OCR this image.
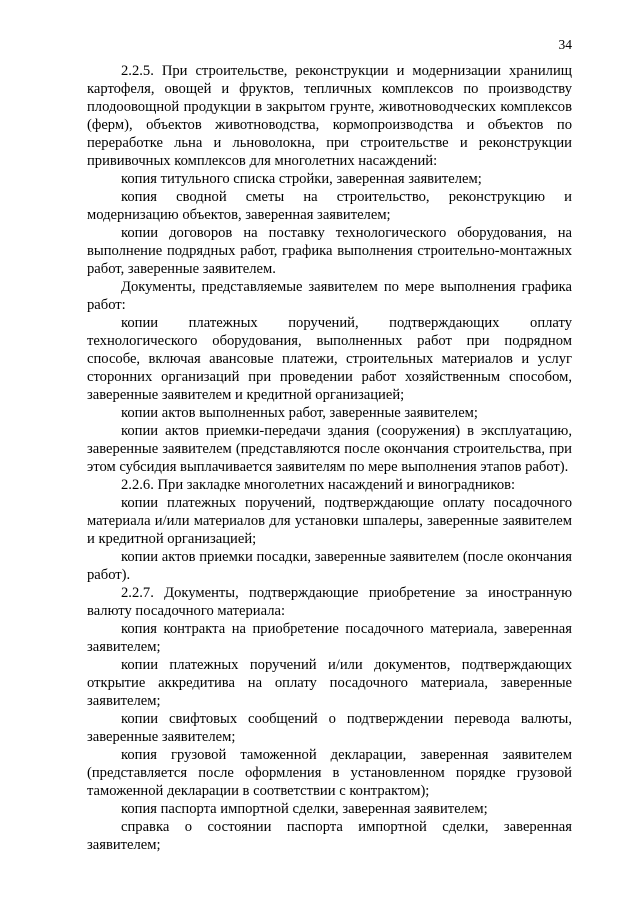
34

2.2.5. При строительстве, реконструкции и модернизации хранилищ картофеля, овощей и фруктов, тепличных комплексов по производству плодоовощной продукции в закрытом грунте, животноводческих комплексов (ферм), объектов животноводства, кормопроизводства и объектов по переработке льна и льноволокна, при строительстве и реконструкции прививочных комплексов для многолетних насаждений:

копия титульного списка стройки, заверенная заявителем;

копия сводной сметы на строительство, реконструкцию и модернизацию объектов, заверенная заявителем;

копии договоров на поставку технологического оборудования, на выполнение подрядных работ, графика выполнения строительно-монтажных работ, заверенные заявителем.

Документы, представляемые заявителем по мере выполнения графика работ:

копии платежных поручений, подтверждающих оплату технологического оборудования, выполненных работ при подрядном способе, включая авансовые платежи, строительных материалов и услуг сторонних организаций при проведении работ хозяйственным способом, заверенные заявителем и кредитной организацией;

копии актов выполненных работ, заверенные заявителем;

копии актов приемки-передачи здания (сооружения) в эксплуатацию, заверенные заявителем (представляются после окончания строительства, при этом субсидия выплачивается заявителям по мере выполнения этапов работ).

2.2.6. При закладке многолетних насаждений и виноградников:

копии платежных поручений, подтверждающие оплату посадочного материала и/или материалов для установки шпалеры, заверенные заявителем и кредитной организацией;

копии актов приемки посадки, заверенные заявителем (после окончания работ).

2.2.7. Документы, подтверждающие приобретение за иностранную валюту посадочного материала:

копия контракта на приобретение посадочного материала, заверенная заявителем;

копии платежных поручений и/или документов, подтверждающих открытие аккредитива на оплату посадочного материала, заверенные заявителем;

копии свифтовых сообщений о подтверждении перевода валюты, заверенные заявителем;

копия грузовой таможенной декларации, заверенная заявителем (представляется после оформления в установленном порядке грузовой таможенной декларации в соответствии с контрактом);

копия паспорта импортной сделки, заверенная заявителем;

справка о состоянии паспорта импортной сделки, заверенная заявителем;
